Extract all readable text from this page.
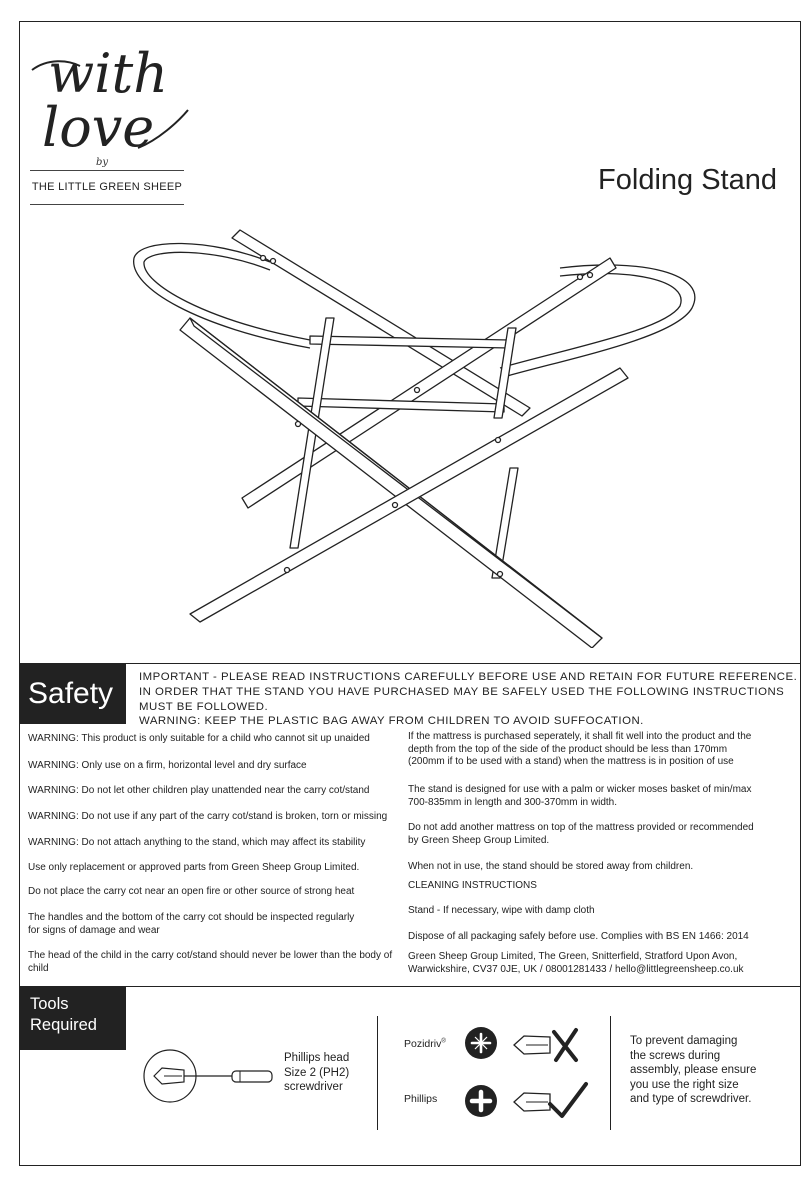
with
love
by
THE LITTLE GREEN SHEEP	Folding Stand
Safety	IMPORTANT - PLEASE READ INSTRUCTIONS CAREFULLY BEFORE USE AND RETAIN FOR FUTURE REFERENCE.
IN ORDER THAT THE STAND YOU HAVE PURCHASED MAY BE SAFELY USED THE FOLLOWING INSTRUCTIONS
MUST BE FOLLOWED.
WARNING: KEEP THE PLASTIC BAG AWAY FROM CHILDREN TO AVOID SUFFOCATION.

WARNING: This product is only suitable for a child who cannot sit up unaided

WARNING: Only use on a firm, horizontal level and dry surface

WARNING: Do not let other children play unattended near the carry cot/stand

WARNING: Do not use if any part of the carry cot/stand is broken, torn or missing

WARNING: Do not attach anything to the stand, which may affect its stability

Use only replacement or approved parts from Green Sheep Group Limited.

Do not place the carry cot near an open fire or other source of strong heat

The handles and the bottom of the carry cot should be inspected regularly for signs of damage and wear

The head of the child in the carry cot/stand should never be lower than the body of child

If the mattress is purchased seperately, it shall fit well into the product and the depth from the top of the side of the product should be less than 170mm (200mm if to be used with a stand) when the mattress is in position of use

The stand is designed for use with a palm or wicker moses basket of min/max 700-835mm in length and 300-370mm in width.

Do not add another mattress on top of the mattress provided or recommended by Green Sheep Group Limited.

When not in use, the stand should be stored away from children.

CLEANING INSTRUCTIONS

Stand - If necessary, wipe with damp cloth

Dispose of all packaging safely before use. Complies with BS EN 1466: 2014

Green Sheep Group Limited, The Green, Snitterfield, Stratford Upon Avon, Warwickshire, CV37 0JE, UK / 08001281433 / hello@littlegreensheep.co.uk

Tools
Required
Phillips head
Size 2 (PH2)
screwdriver
Pozidriv®
Phillips
To prevent damaging
the screws during
assembly, please ensure
you use the right size
and type of screwdriver.
